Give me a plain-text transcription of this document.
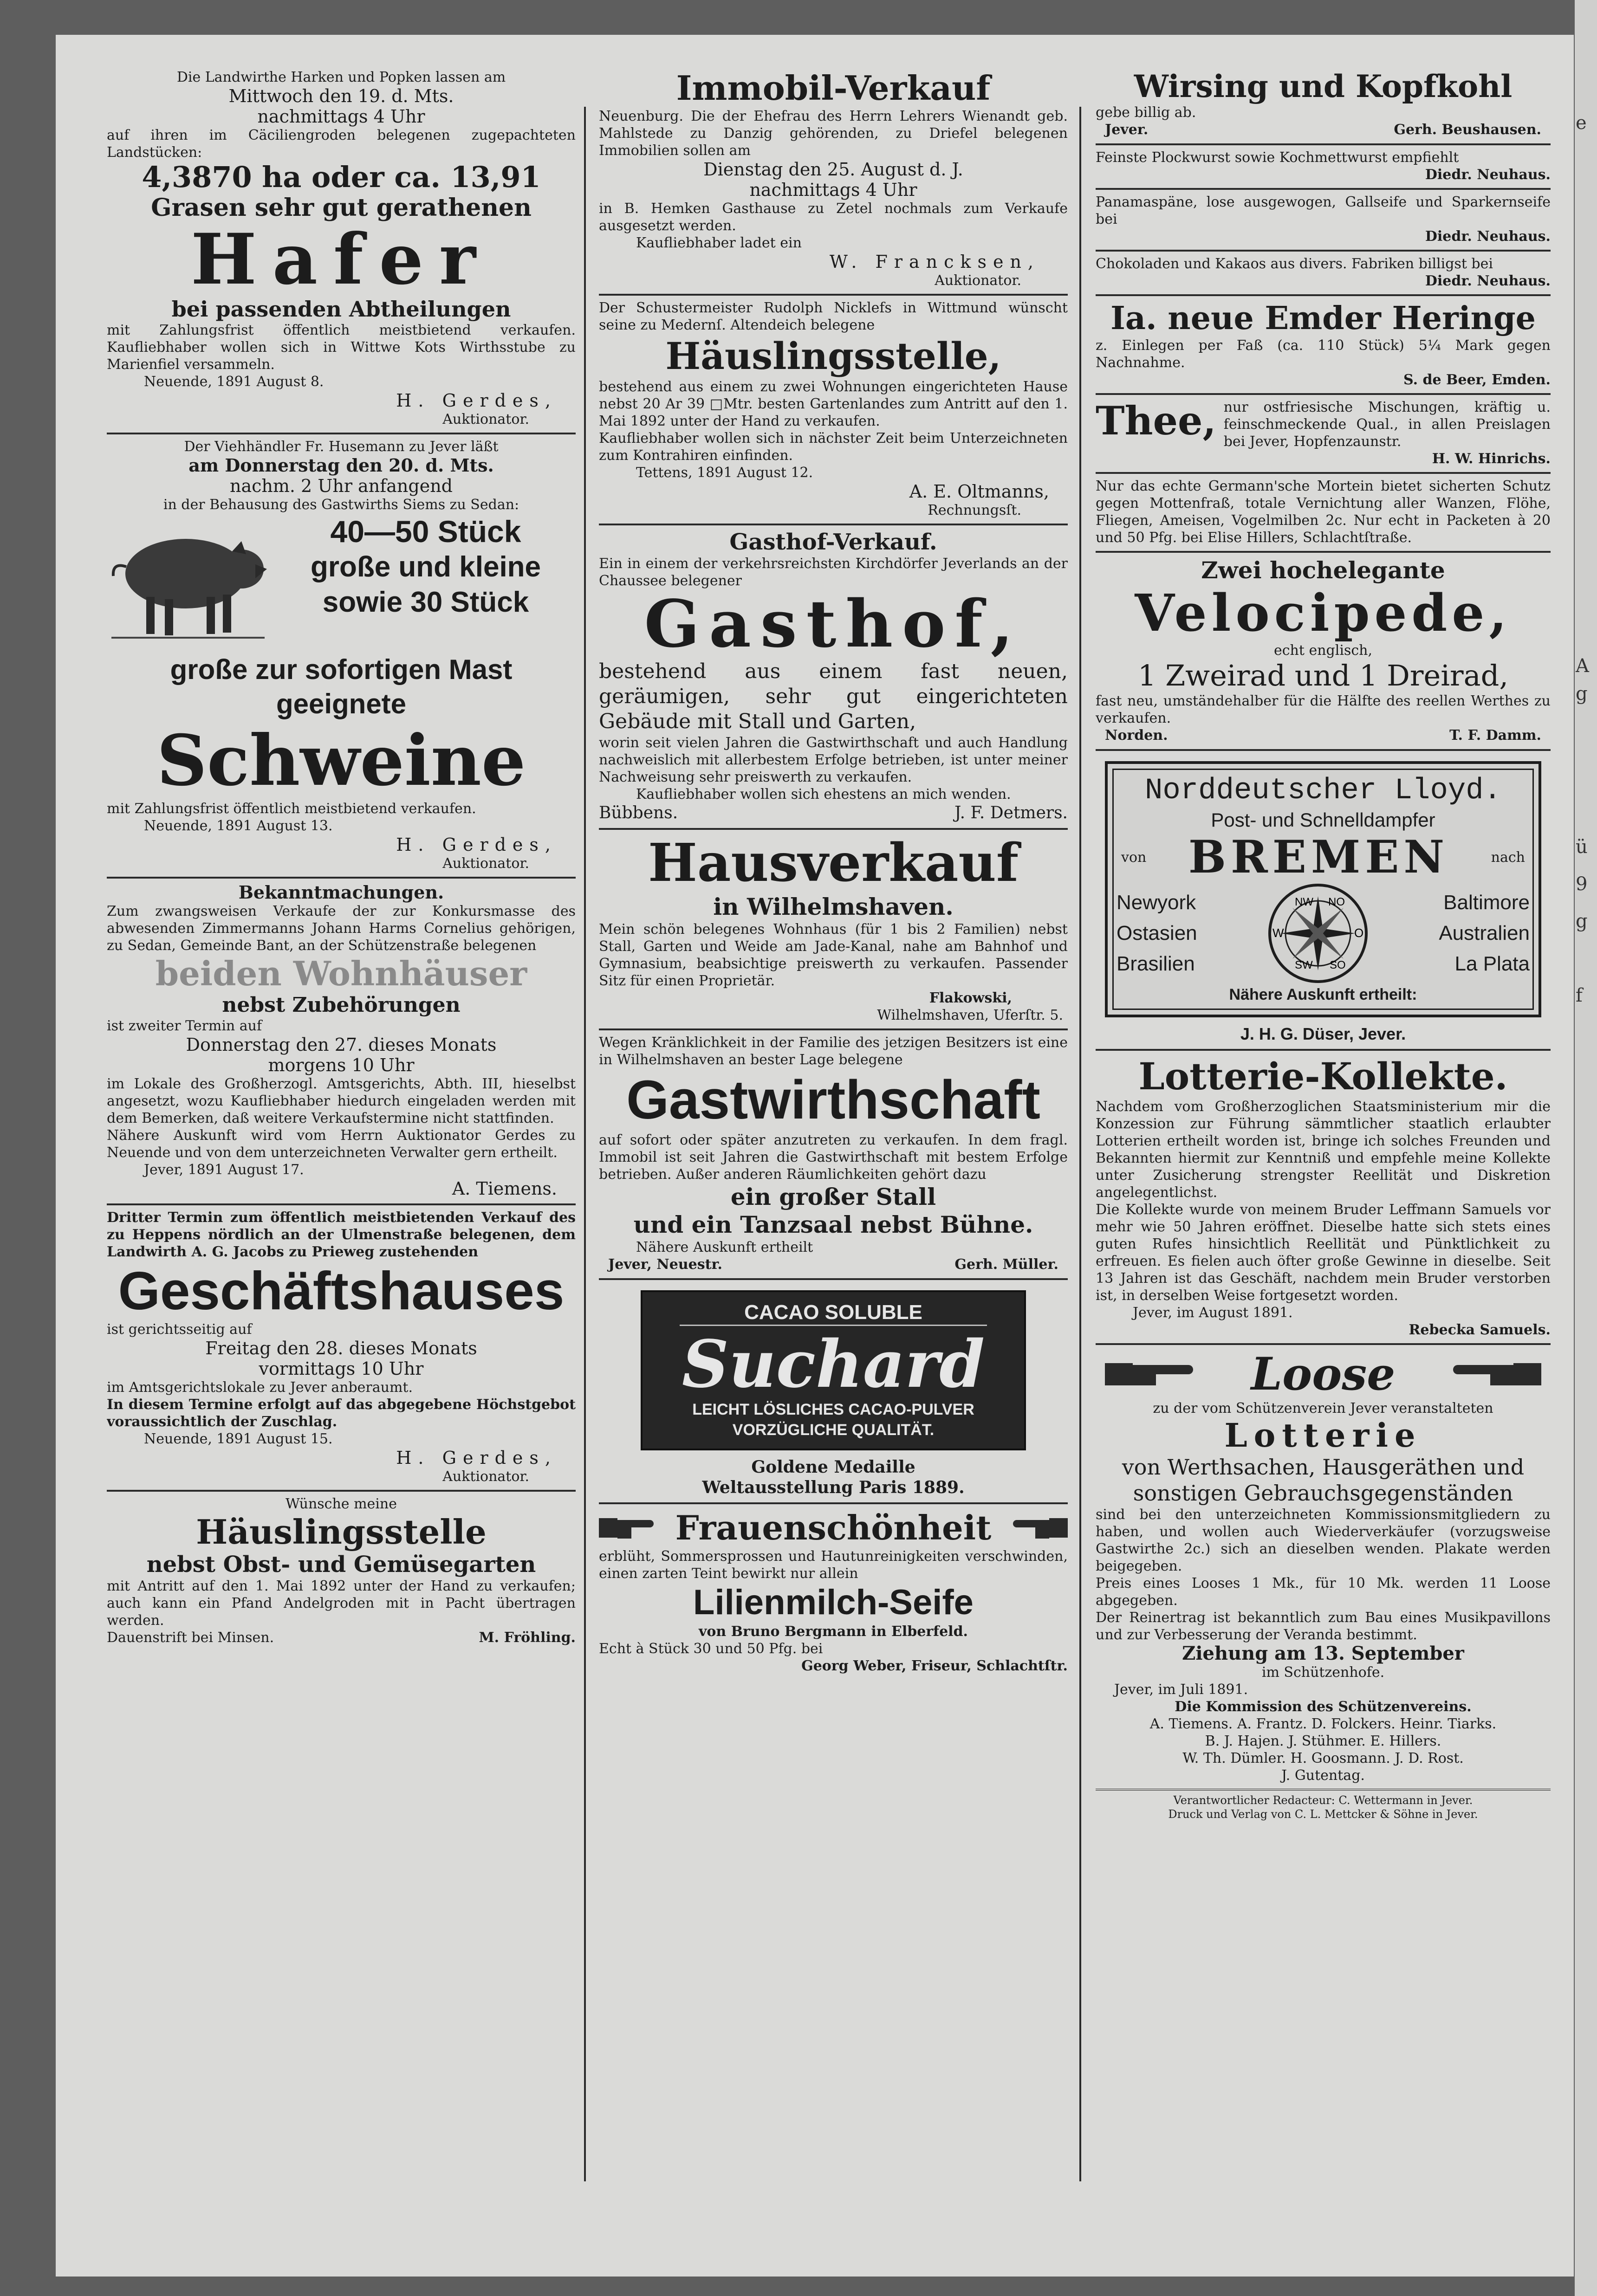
e
A
g
ü
9
g
f
Die Landwirthe Harken und Popken lassen am
Mittwoch den 19. d. Mts.
nachmittags 4 Uhr
auf ihren im Cäciliengroden belegenen zugepachteten Landstücken:
4,3870 ha oder ca. 13,91
Grasen sehr gut gerathenen
Hafer
bei passenden Abtheilungen
mit Zahlungsfrist öffentlich meistbietend verkaufen. Kaufliebhaber wollen sich in Wittwe Kots Wirthsstube zu Marienfiel versammeln.
Neuende, 1891 August 8.
H. Gerdes,
Auktionator.
Der Viehhändler Fr. Husemann zu Jever läßt
am Donnerstag den 20. d. Mts.
nachm. 2 Uhr anfangend
in der Behausung des Gastwirths Siems zu Sedan:
40—50 Stück
große und kleine
sowie 30 Stück
große zur sofortigen Mast
geeignete
Schweine
mit Zahlungsfrist öffentlich meistbietend verkaufen.
Neuende, 1891 August 13.
H. Gerdes,
Auktionator.
Bekanntmachungen.
Zum zwangsweisen Verkaufe der zur Konkursmasse des abwesenden Zimmermanns Johann Harms Cornelius gehörigen, zu Sedan, Gemeinde Bant, an der Schützenstraße belegenen
beiden Wohnhäuser
nebst Zubehörungen
ist zweiter Termin auf
Donnerstag den 27. dieses Monats
morgens 10 Uhr
im Lokale des Großherzogl. Amtsgerichts, Abth. III, hieselbst angesetzt, wozu Kaufliebhaber hiedurch eingeladen werden mit dem Bemerken, daß weitere Verkaufstermine nicht stattfinden.
Nähere Auskunft wird vom Herrn Auktionator Gerdes zu Neuende und von dem unterzeichneten Verwalter gern ertheilt.
Jever, 1891 August 17.
A. Tiemens.
Dritter Termin zum öffentlich meistbietenden Verkauf des zu Heppens nördlich an der Ulmenstraße belegenen, dem Landwirth A. G. Jacobs zu Prieweg zustehenden
Geschäftshauses
ist gerichtsseitig auf
Freitag den 28. dieses Monats
vormittags 10 Uhr
im Amtsgerichtslokale zu Jever anberaumt.
In diesem Termine erfolgt auf das abgegebene Höchstgebot voraussichtlich der Zuschlag.
Neuende, 1891 August 15.
H. Gerdes,
Auktionator.
Wünsche meine
Häuslingsstelle
nebst Obst- und Gemüsegarten
mit Antritt auf den 1. Mai 1892 unter der Hand zu verkaufen; auch kann ein Pfand Andelgroden mit in Pacht übertragen werden.
Dauenstrift bei Minsen.	M. Fröhling.
Immobil-Verkauf
Neuenburg. Die der Ehefrau des Herrn Lehrers Wienandt geb. Mahlstede zu Danzig gehörenden, zu Driefel belegenen Immobilien sollen am
Dienstag den 25. August d. J.
nachmittags 4 Uhr
in B. Hemken Gasthause zu Zetel nochmals zum Verkaufe ausgesetzt werden.
Kaufliebhaber ladet ein
W. Francksen,
Auktionator.
Der Schustermeister Rudolph Nicklefs in Wittmund wünscht seine zu Medernſ. Altendeich belegene
Häuslingsstelle,
bestehend aus einem zu zwei Wohnungen eingerichteten Hause nebst 20 Ar 39 □Mtr. besten Gartenlandes zum Antritt auf den 1. Mai 1892 unter der Hand zu verkaufen.
Kaufliebhaber wollen sich in nächster Zeit beim Unterzeichneten zum Kontrahiren einfinden.
Tettens, 1891 August 12.
A. E. Oltmanns,
Rechnungsſt.
Gasthof-Verkauf.
Ein in einem der verkehrsreichsten Kirchdörfer Jeverlands an der Chaussee belegener
Gasthof,
bestehend aus einem fast neuen, geräumigen, sehr gut eingerichteten Gebäude mit Stall und Garten,
worin seit vielen Jahren die Gastwirthschaft und auch Handlung nachweislich mit allerbestem Erfolge betrieben, ist unter meiner Nachweisung sehr preiswerth zu verkaufen.
Kaufliebhaber wollen sich ehestens an mich wenden.
Bübbens.	J. F. Detmers.
Hausverkauf
in Wilhelmshaven.
Mein schön belegenes Wohnhaus (für 1 bis 2 Familien) nebst Stall, Garten und Weide am Jade-Kanal, nahe am Bahnhof und Gymnasium, beabsichtige preiswerth zu verkaufen. Passender Sitz für einen Proprietär.
Flakowski,
Wilhelmshaven, Uferſtr. 5.
Wegen Kränklichkeit in der Familie des jetzigen Besitzers ist eine in Wilhelmshaven an bester Lage belegene
Gastwirthschaft
auf sofort oder später anzutreten zu verkaufen. In dem fragl. Immobil ist seit Jahren die Gastwirthschaft mit bestem Erfolge betrieben. Außer anderen Räumlichkeiten gehört dazu
ein großer Stall
und ein Tanzsaal nebst Bühne.
Nähere Auskunft ertheilt
Jever, Neuestr.	Gerh. Müller.
CACAO SOLUBLE
Suchard
LEICHT LÖSLICHES CACAO-PULVER
VORZÜGLICHE QUALITÄT.
Goldene Medaille
Weltausstellung Paris 1889.
Frauenschönheit
erblüht, Sommersprossen und Hautunreinigkeiten verschwinden, einen zarten Teint bewirkt nur allein
Lilienmilch-Seife
von Bruno Bergmann in Elberfeld.
Echt à Stück 30 und 50 Pfg. bei
Georg Weber, Friseur, Schlachtſtr.
Wirsing und Kopfkohl
gebe billig ab.
Jever.	Gerh. Beushausen.
Feinste Plockwurst sowie Kochmettwurst empfiehlt
Diedr. Neuhaus.
Panamaspäne, lose ausgewogen, Gallseife und Sparkernseife bei
Diedr. Neuhaus.
Chokoladen und Kakaos aus divers. Fabriken billigst bei
Diedr. Neuhaus.
Ia. neue Emder Heringe
z. Einlegen per Faß (ca. 110 Stück) 5¼ Mark gegen Nachnahme.
S. de Beer, Emden.
Thee, nur ostfriesische Mischungen, kräftig u. feinschmeckende Qual., in allen Preislagen bei Jever, Hopfenzaunstr.
H. W. Hinrichs.
Nur das echte Germann'sche Mortein bietet sicherten Schutz gegen Mottenfraß, totale Vernichtung aller Wanzen, Flöhe, Fliegen, Ameisen, Vogelmilben 2c. Nur echt in Packeten à 20 und 50 Pfg. bei Elise Hillers, Schlachtſtraße.
Zwei hochelegante
Velocipede,
echt englisch,
1 Zweirad und 1 Dreirad,
fast neu, umständehalber für die Hälfte des reellen Werthes zu verkaufen.
Norden.	T. F. Damm.
Norddeutscher Lloyd.
Post- und Schnelldampfer
von BREMEN	nach
Newyork
Ostasien
Brasilien
NW NO
W	O
SW SO
Baltimore
Australien
La Plata
Nähere Auskunft ertheilt:
J. H. G. Düser, Jever.
Lotterie-Kollekte.
Nachdem vom Großherzoglichen Staatsministerium mir die Konzession zur Führung sämmtlicher staatlich erlaubter Lotterien ertheilt worden ist, bringe ich solches Freunden und Bekannten hiermit zur Kenntniß und empfehle meine Kollekte unter Zusicherung strengster Reellität und Diskretion angelegentlichst.
Die Kollekte wurde von meinem Bruder Leffmann Samuels vor mehr wie 50 Jahren eröffnet. Dieselbe hatte sich stets eines guten Rufes hinsichtlich Reellität und Pünktlichkeit zu erfreuen. Es fielen auch öfter große Gewinne in dieselbe. Seit 13 Jahren ist das Geschäft, nachdem mein Bruder verstorben ist, in derselben Weise fortgesetzt worden.
Jever, im August 1891.
Rebecka Samuels.
Loose
zu der vom Schützenverein Jever veranstalteten
Lotterie
von Werthsachen, Hausgeräthen und sonstigen Gebrauchsgegenständen
sind bei den unterzeichneten Kommissionsmitgliedern zu haben, und wollen auch Wiederverkäufer (vorzugsweise Gastwirthe 2c.) sich an dieselben wenden. Plakate werden beigegeben.
Preis eines Looses 1 Mk., für 10 Mk. werden 11 Loose abgegeben.
Der Reinertrag ist bekanntlich zum Bau eines Musikpavillons und zur Verbesserung der Veranda bestimmt.
Ziehung am 13. September
im Schützenhofe.
Jever, im Juli 1891.
Die Kommission des Schützenvereins.
A. Tiemens. A. Frantz. D. Folckers. Heinr. Tiarks.
B. J. Hajen. J. Stühmer. E. Hillers.
W. Th. Dümler. H. Goosmann. J. D. Rost.
J. Gutentag.
Verantwortlicher Redacteur: C. Wettermann in Jever.
Druck und Verlag von C. L. Mettcker & Söhne in Jever.
